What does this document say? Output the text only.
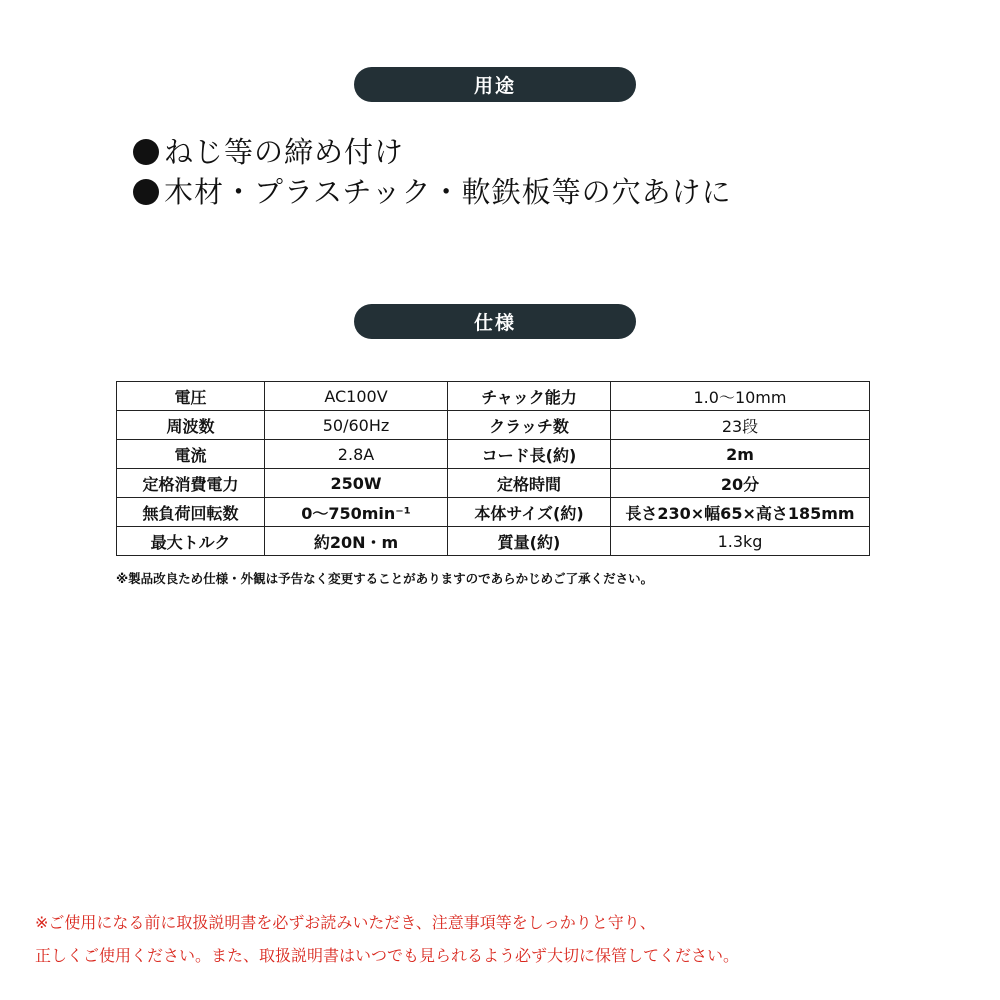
用途
ねじ等の締め付け
木材・プラスチック・軟鉄板等の穴あけに
仕様
電圧	AC100V	チャック能力	1.0〜10mm
周波数	50/60Hz	クラッチ数	23段
電流	2.8A	コード長(約)	2m
定格消費電力	250W	定格時間	20分
無負荷回転数	0〜750min⁻¹	本体サイズ(約)	長さ230×幅65×高さ185mm
最大トルク	約20N・m	質量(約)	1.3kg
※製品改良ため仕様・外観は予告なく変更することがありますのであらかじめご了承ください。
※ご使用になる前に取扱説明書を必ずお読みいただき、注意事項等をしっかりと守り、
正しくご使用ください。また、取扱説明書はいつでも見られるよう必ず大切に保管してください。
